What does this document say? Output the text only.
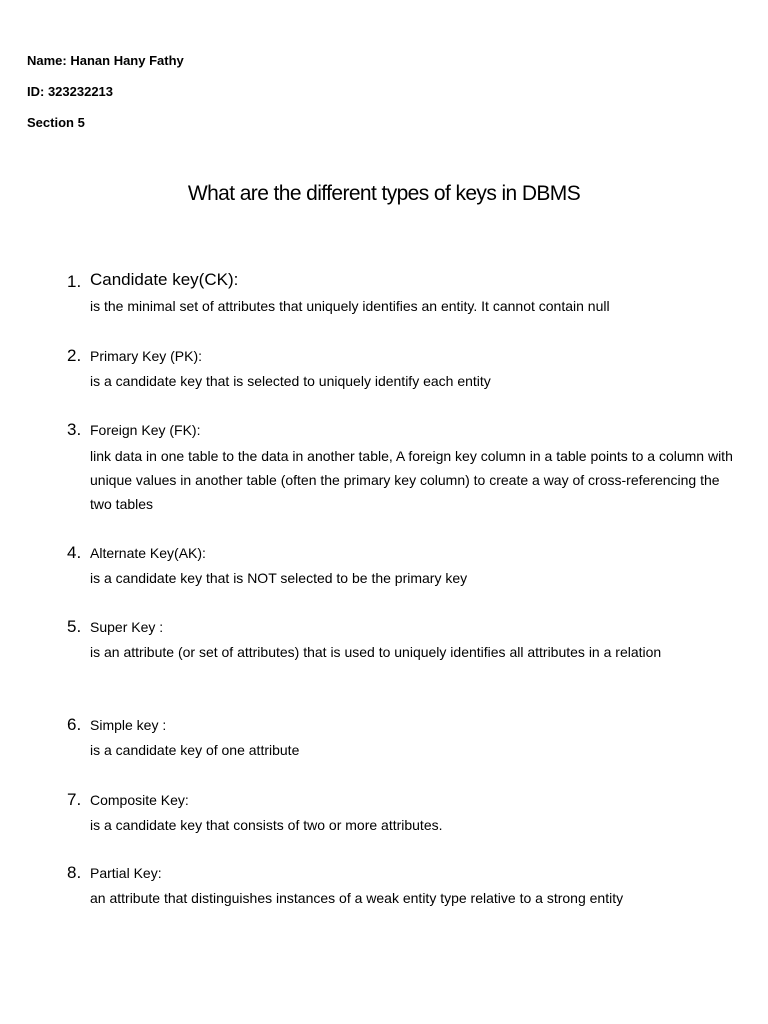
Name: Hanan Hany Fathy
ID: 323232213
Section 5
What are the different types of keys in DBMS
1. Candidate key(CK):
is the minimal set of attributes that uniquely identifies an entity. It cannot contain null
2. Primary Key (PK):
is a candidate key that is selected to uniquely identify each entity
3. Foreign Key (FK):
link data in one table to the data in another table, A foreign key column in a table points to a column with unique values in another table (often the primary key column) to create a way of cross-referencing the two tables
4. Alternate Key(AK):
is a candidate key that is NOT selected to be the primary key
5. Super Key :
is an attribute (or set of attributes) that is used to uniquely identifies all attributes in a relation
6. Simple key :
is a candidate key of one attribute
7. Composite Key:
is a candidate key that consists of two or more attributes.
8. Partial Key:
an attribute that distinguishes instances of a weak entity type relative to a strong entity
